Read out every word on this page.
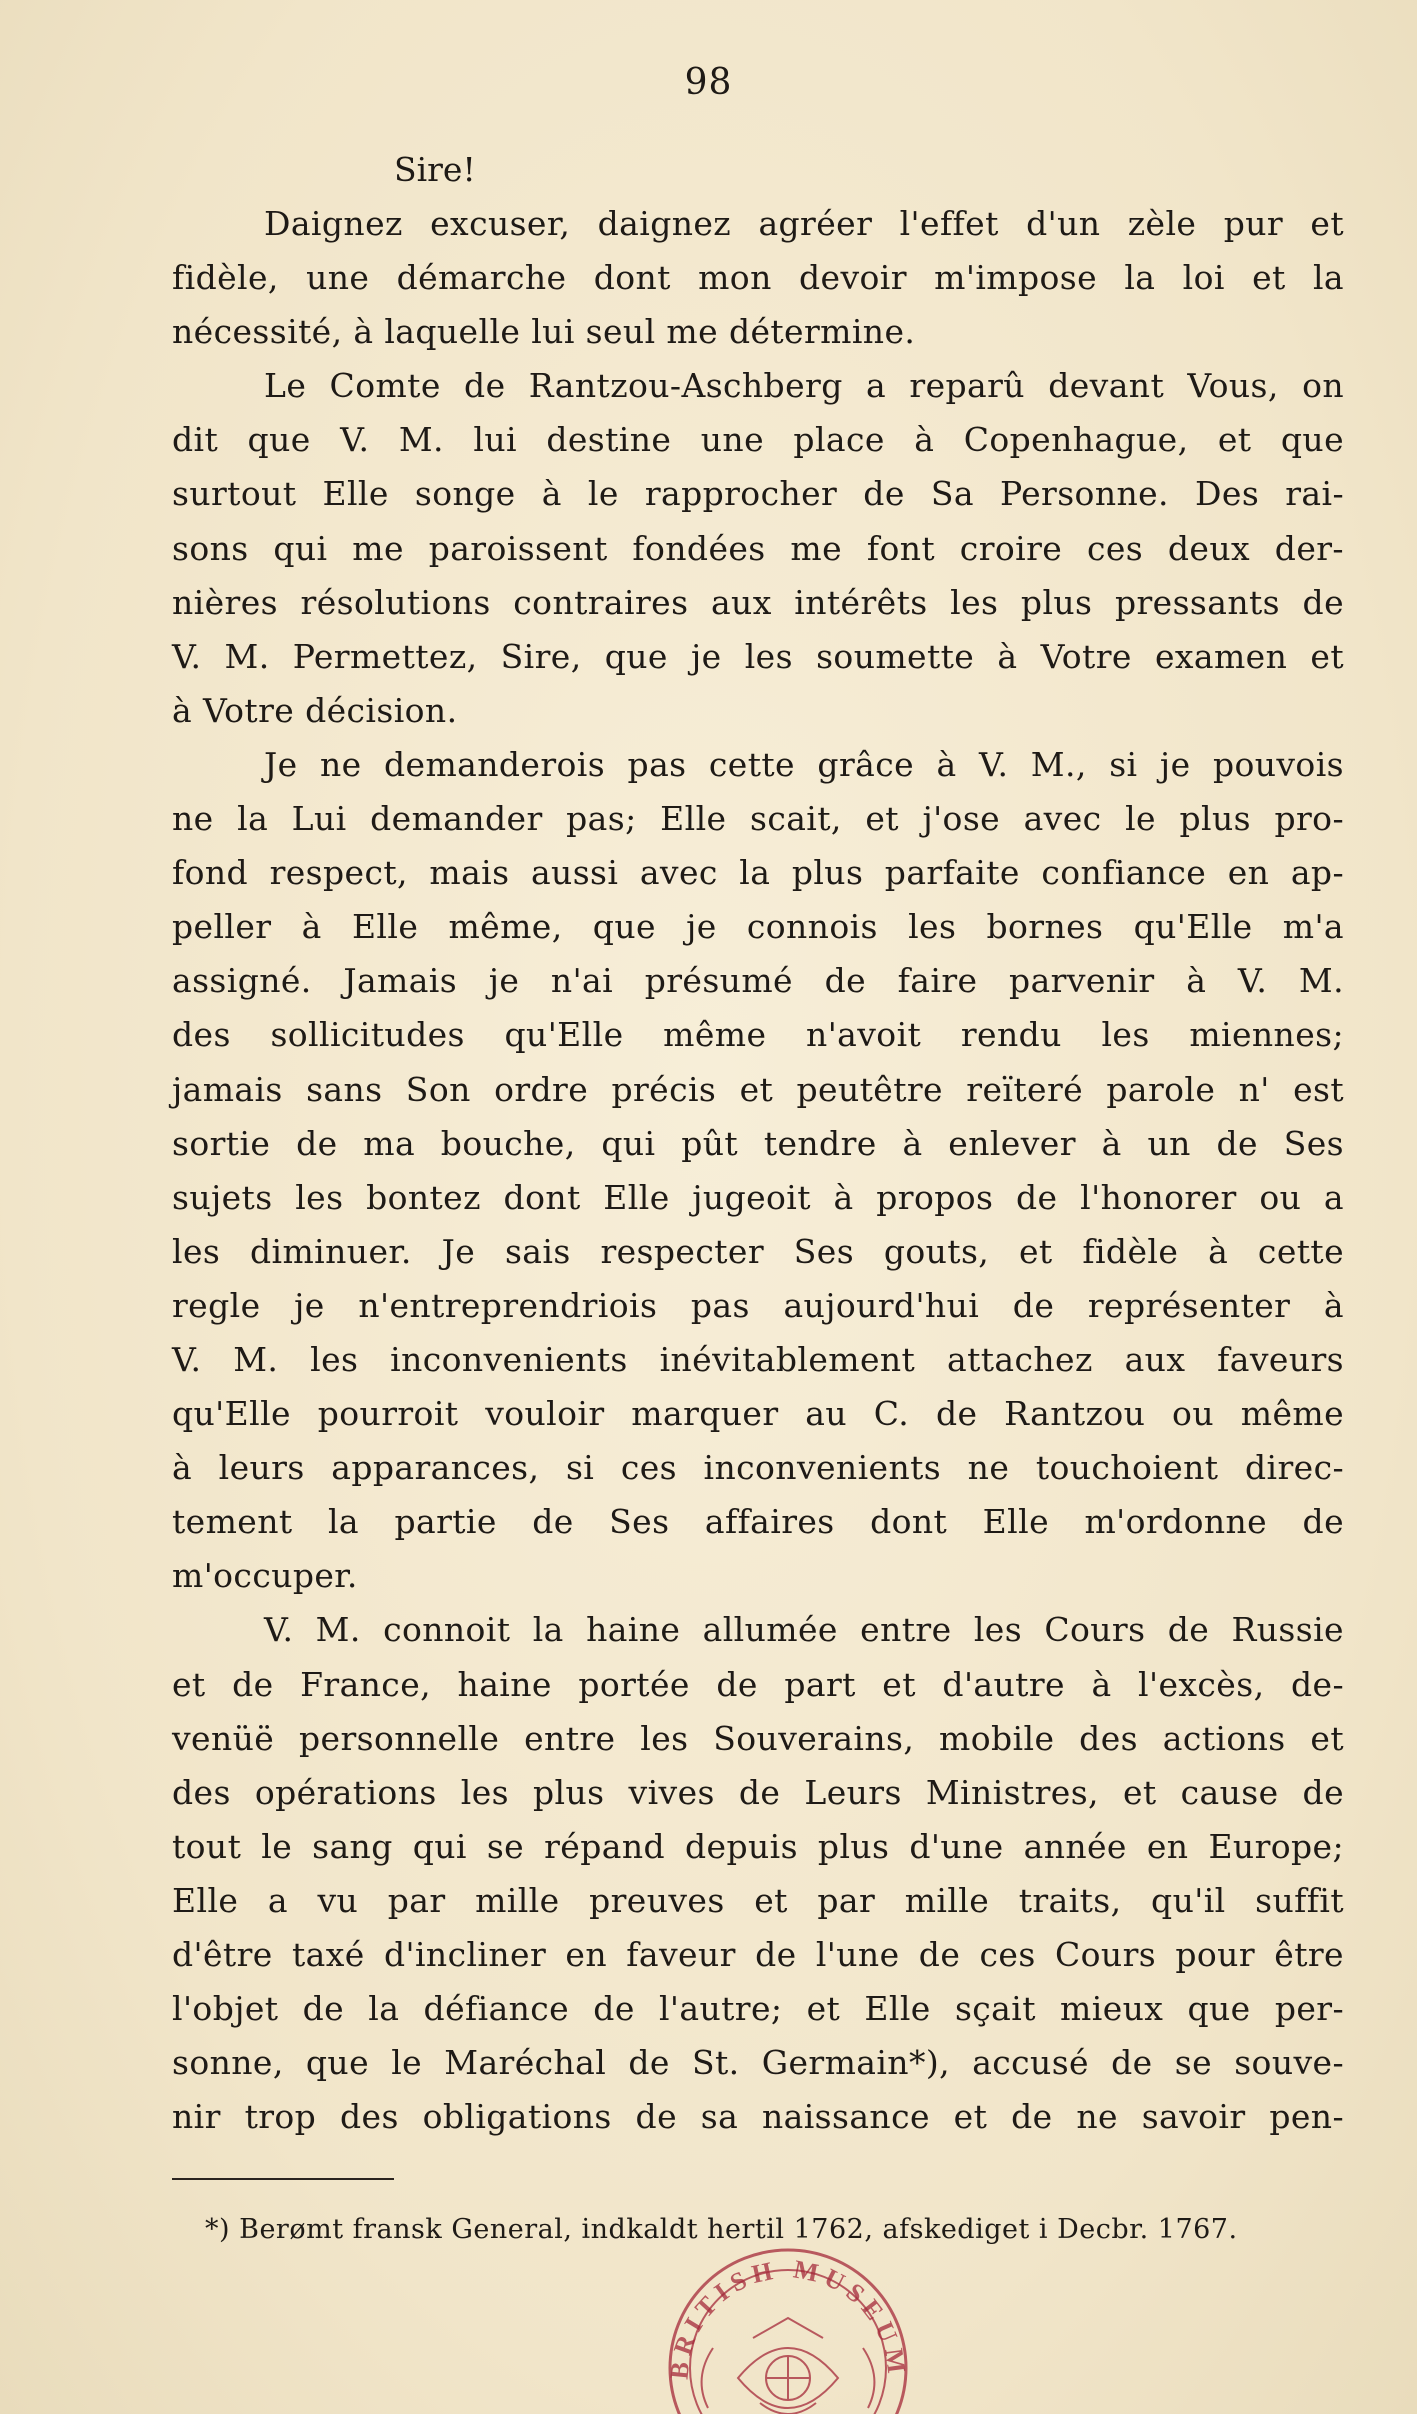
98
Sire!
Daignez excuser, daignez agréer l'effet d'un zèle pur et
fidèle, une démarche dont mon devoir m'impose la loi et la
nécessité, à laquelle lui seul me détermine.
Le Comte de Rantzou-Aschberg a reparû devant Vous, on
dit que V. M. lui destine une place à Copenhague, et que
surtout Elle songe à le rapprocher de Sa Personne. Des rai-
sons qui me paroissent fondées me font croire ces deux der-
nières résolutions contraires aux intérêts les plus pressants de
V. M. Permettez, Sire, que je les soumette à Votre examen et
à Votre décision.
Je ne demanderois pas cette grâce à V. M., si je pouvois
ne la Lui demander pas; Elle scait, et j'ose avec le plus pro-
fond respect, mais aussi avec la plus parfaite confiance en ap-
peller à Elle même, que je connois les bornes qu'Elle m'a
assigné. Jamais je n'ai présumé de faire parvenir à V. M.
des sollicitudes qu'Elle même n'avoit rendu les miennes;
jamais sans Son ordre précis et peutêtre reïteré parole n' est
sortie de ma bouche, qui pût tendre à enlever à un de Ses
sujets les bontez dont Elle jugeoit à propos de l'honorer ou a
les diminuer. Je sais respecter Ses gouts, et fidèle à cette
regle je n'entreprendriois pas aujourd'hui de représenter à
V. M. les inconvenients inévitablement attachez aux faveurs
qu'Elle pourroit vouloir marquer au C. de Rantzou ou même
à leurs apparances, si ces inconvenients ne touchoient direc-
tement la partie de Ses affaires dont Elle m'ordonne de
m'occuper.
V. M. connoit la haine allumée entre les Cours de Russie
et de France, haine portée de part et d'autre à l'excès, de-
venüë personnelle entre les Souverains, mobile des actions et
des opérations les plus vives de Leurs Ministres, et cause de
tout le sang qui se répand depuis plus d'une année en Europe;
Elle a vu par mille preuves et par mille traits, qu'il suffit
d'être taxé d'incliner en faveur de l'une de ces Cours pour être
l'objet de la défiance de l'autre; et Elle sçait mieux que per-
sonne, que le Maréchal de St. Germain*), accusé de se souve-
nir trop des obligations de sa naissance et de ne savoir pen-
BRITISH MUSEUM
*) Berømt fransk General, indkaldt hertil 1762, afskediget i Decbr. 1767.
